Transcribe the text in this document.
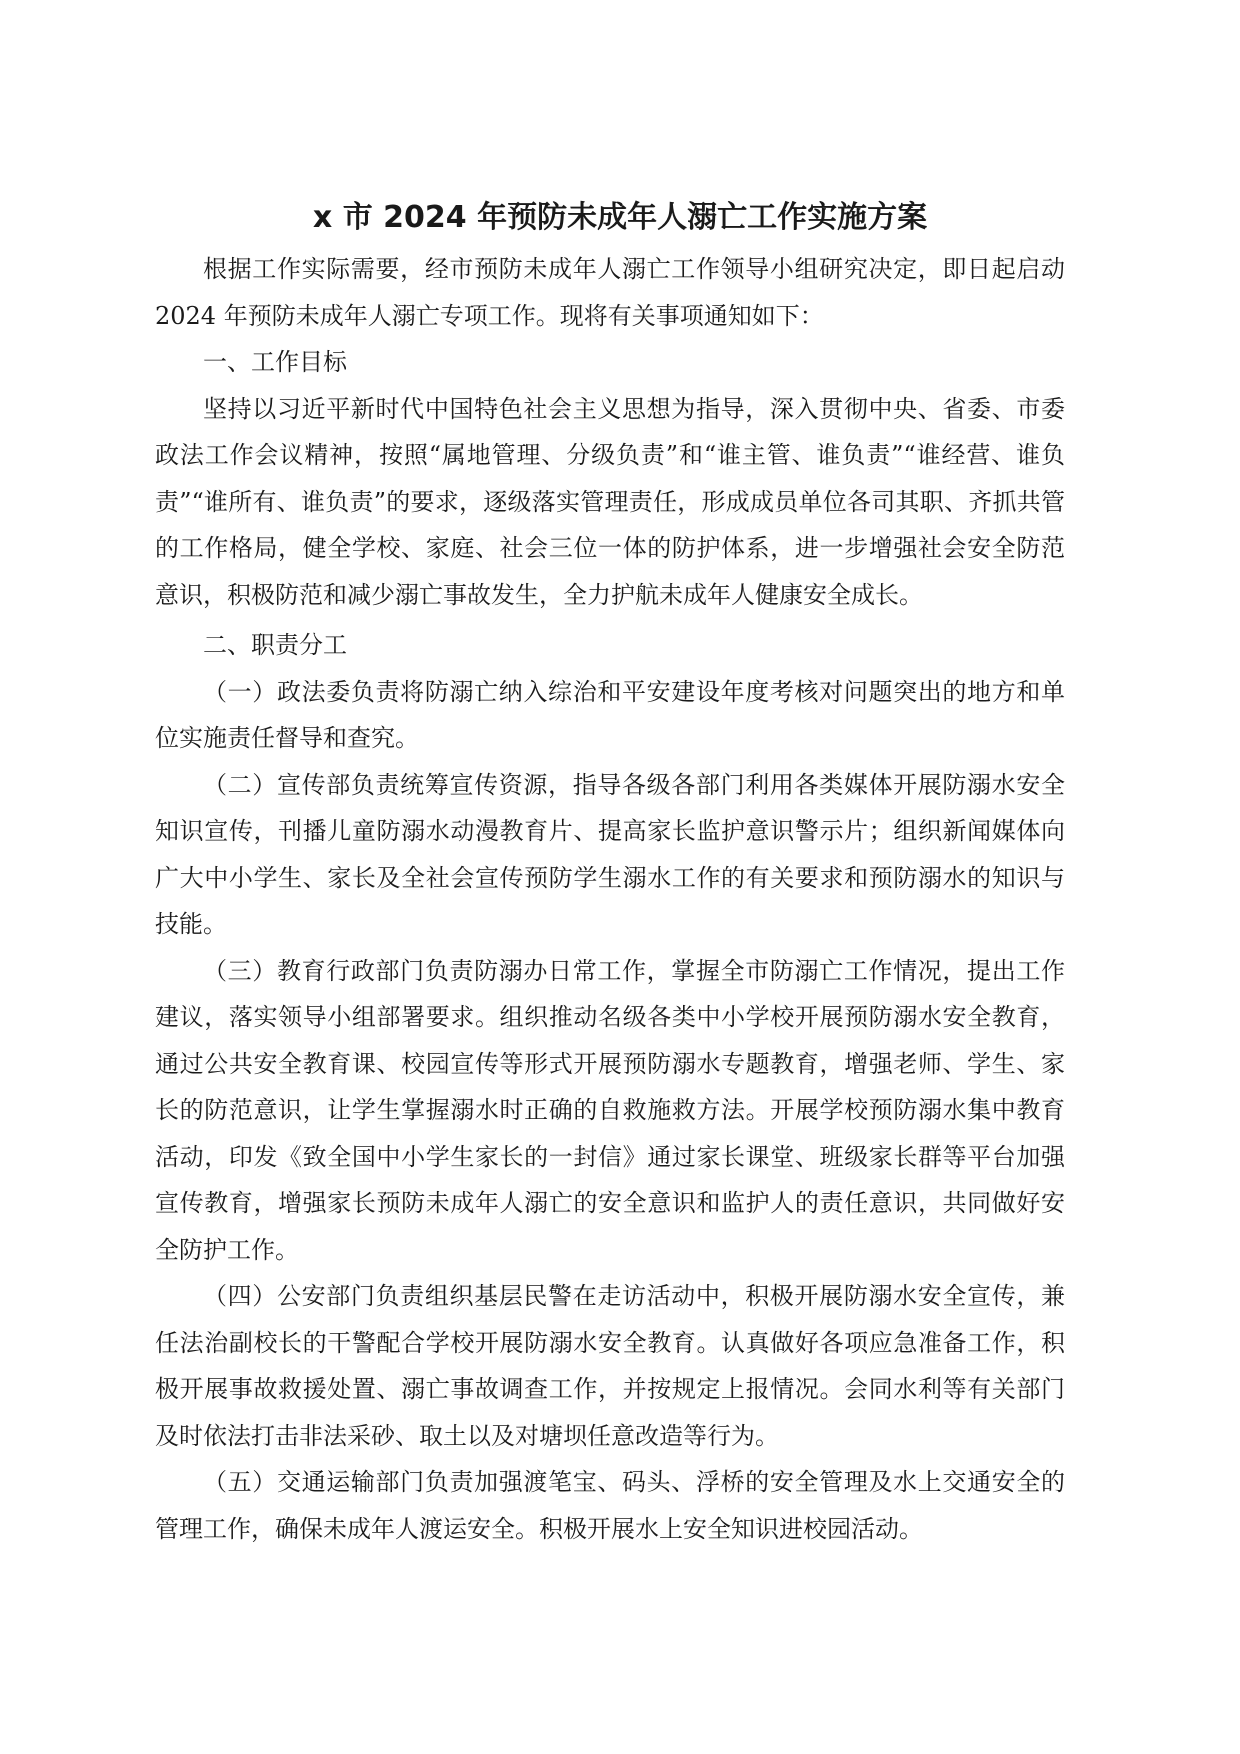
x 市 2024 年预防未成年人溺亡工作实施方案

根据工作实际需要，经市预防未成年人溺亡工作领导小组研究决定，即日起启动 2024 年预防未成年人溺亡专项工作。现将有关事项通知如下：

一、工作目标

坚持以习近平新时代中国特色社会主义思想为指导，深入贯彻中央、省委、市委政法工作会议精神，按照“属地管理、分级负责”和“谁主管、谁负责”“谁经营、谁负责”“谁所有、谁负责”的要求，逐级落实管理责任，形成成员单位各司其职、齐抓共管的工作格局，健全学校、家庭、社会三位一体的防护体系，进一步增强社会安全防范意识，积极防范和减少溺亡事故发生，全力护航未成年人健康安全成长。

二、职责分工

（一）政法委负责将防溺亡纳入综治和平安建设年度考核对问题突出的地方和单位实施责任督导和查究。

（二）宣传部负责统筹宣传资源，指导各级各部门利用各类媒体开展防溺水安全知识宣传，刊播儿童防溺水动漫教育片、提高家长监护意识警示片；组织新闻媒体向广大中小学生、家长及全社会宣传预防学生溺水工作的有关要求和预防溺水的知识与技能。

（三）教育行政部门负责防溺办日常工作，掌握全市防溺亡工作情况，提出工作建议，落实领导小组部署要求。组织推动名级各类中小学校开展预防溺水安全教育，通过公共安全教育课、校园宣传等形式开展预防溺水专题教育，增强老师、学生、家长的防范意识，让学生掌握溺水时正确的自救施救方法。开展学校预防溺水集中教育活动，印发《致全国中小学生家长的一封信》通过家长课堂、班级家长群等平台加强宣传教育，增强家长预防未成年人溺亡的安全意识和监护人的责任意识，共同做好安全防护工作。

（四）公安部门负责组织基层民警在走访活动中，积极开展防溺水安全宣传，兼任法治副校长的干警配合学校开展防溺水安全教育。认真做好各项应急准备工作，积极开展事故救援处置、溺亡事故调查工作，并按规定上报情况。会同水利等有关部门及时依法打击非法采砂、取土以及对塘坝任意改造等行为。

（五）交通运输部门负责加强渡笔宝、码头、浮桥的安全管理及水上交通安全的管理工作，确保未成年人渡运安全。积极开展水上安全知识进校园活动。
